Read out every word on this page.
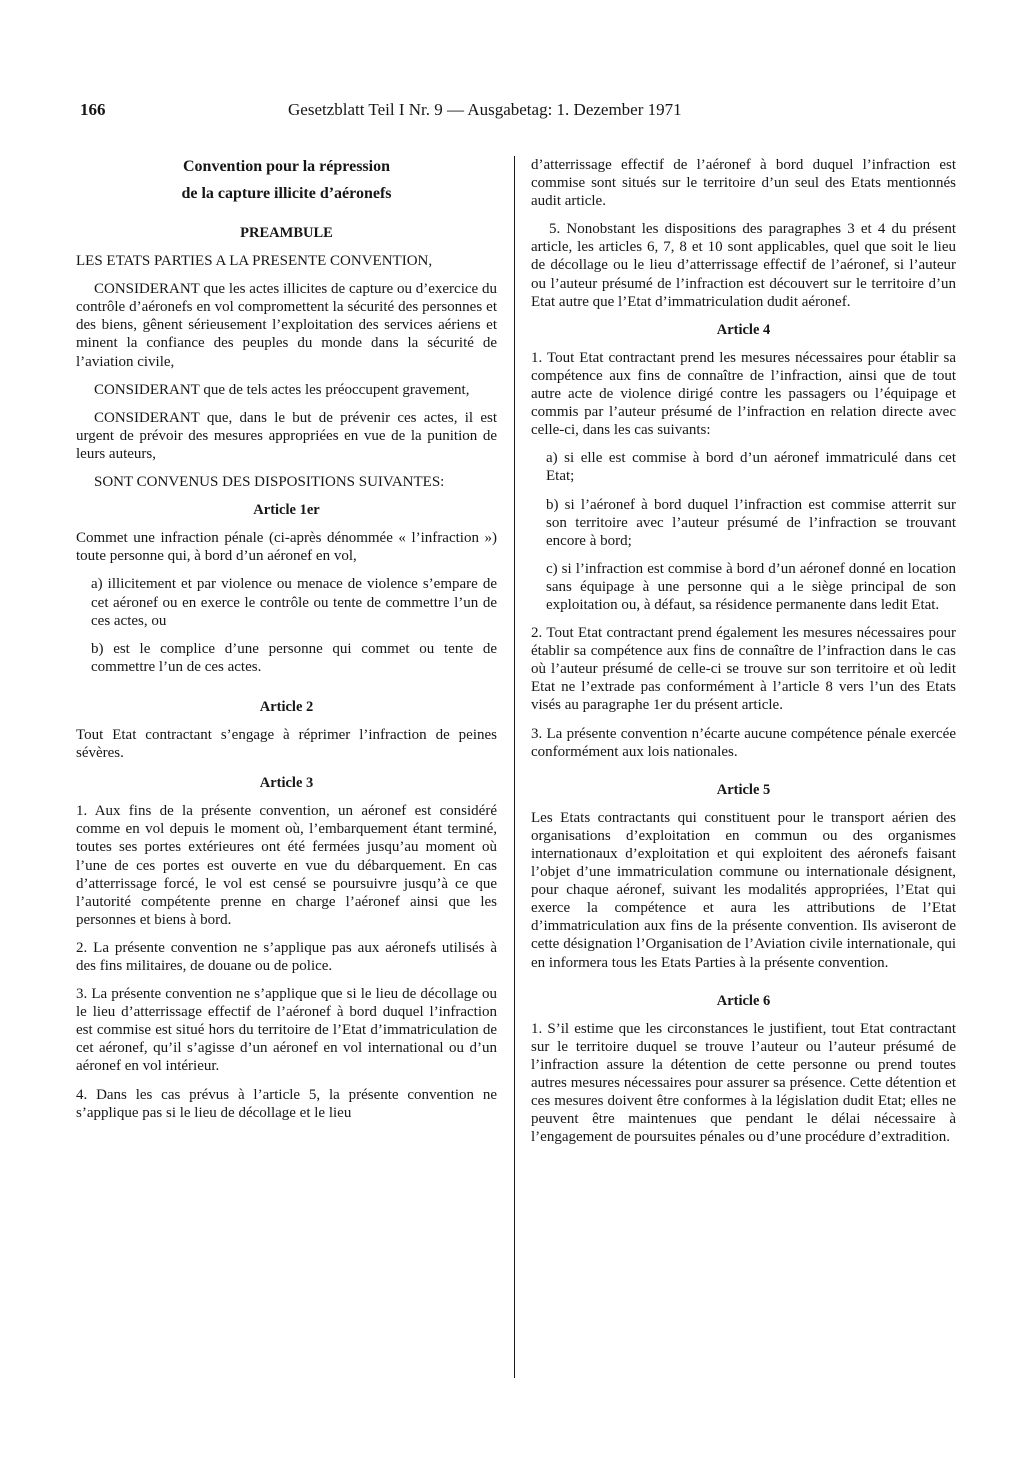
166	Gesetzblatt Teil I Nr. 9 — Ausgabetag: 1. Dezember 1971
Convention pour la répression
de la capture illicite d’aéronefs
PREAMBULE

LES ETATS PARTIES A LA PRESENTE CONVENTION,

CONSIDERANT que les actes illicites de capture ou d’exercice du contrôle d’aéronefs en vol compromettent la sécurité des personnes et des biens, gênent sérieusement l’exploitation des services aériens et minent la confiance des peuples du monde dans la sécurité de l’aviation civile,

CONSIDERANT que de tels actes les préoccupent gravement,

CONSIDERANT que, dans le but de prévenir ces actes, il est urgent de prévoir des mesures appropriées en vue de la punition de leurs auteurs,

SONT CONVENUS DES DISPOSITIONS SUIVANTES:

Article 1er

Commet une infraction pénale (ci-après dénommée « l’infraction ») toute personne qui, à bord d’un aéronef en vol,

a) illicitement et par violence ou menace de violence s’empare de cet aéronef ou en exerce le contrôle ou tente de commettre l’un de ces actes, ou

b) est le complice d’une personne qui commet ou tente de commettre l’un de ces actes.

Article 2

Tout Etat contractant s’engage à réprimer l’infraction de peines sévères.

Article 3

1. Aux fins de la présente convention, un aéronef est considéré comme en vol depuis le moment où, l’embarquement étant terminé, toutes ses portes extérieures ont été fermées jusqu’au moment où l’une de ces portes est ouverte en vue du débarquement. En cas d’atterrissage forcé, le vol est censé se poursuivre jusqu’à ce que l’autorité compétente prenne en charge l’aéronef ainsi que les personnes et biens à bord.

2. La présente convention ne s’applique pas aux aéronefs utilisés à des fins militaires, de douane ou de police.

3. La présente convention ne s’applique que si le lieu de décollage ou le lieu d’atterrissage effectif de l’aéronef à bord duquel l’infraction est commise est situé hors du territoire de l’Etat d’immatriculation de cet aéronef, qu’il s’agisse d’un aéronef en vol international ou d’un aéronef en vol intérieur.

4. Dans les cas prévus à l’article 5, la présente convention ne s’applique pas si le lieu de décollage et le lieu

d’atterrissage effectif de l’aéronef à bord duquel l’infraction est commise sont situés sur le territoire d’un seul des Etats mentionnés audit article.

5. Nonobstant les dispositions des paragraphes 3 et 4 du présent article, les articles 6, 7, 8 et 10 sont applicables, quel que soit le lieu de décollage ou le lieu d’atterrissage effectif de l’aéronef, si l’auteur ou l’auteur présumé de l’infraction est découvert sur le territoire d’un Etat autre que l’Etat d’immatriculation dudit aéronef.

Article 4

1. Tout Etat contractant prend les mesures nécessaires pour établir sa compétence aux fins de connaître de l’infraction, ainsi que de tout autre acte de violence dirigé contre les passagers ou l’équipage et commis par l’auteur présumé de l’infraction en relation directe avec celle-ci, dans les cas suivants:

a) si elle est commise à bord d’un aéronef immatriculé dans cet Etat;

b) si l’aéronef à bord duquel l’infraction est commise atterrit sur son territoire avec l’auteur présumé de l’infraction se trouvant encore à bord;

c) si l’infraction est commise à bord d’un aéronef donné en location sans équipage à une personne qui a le siège principal de son exploitation ou, à défaut, sa résidence permanente dans ledit Etat.

2. Tout Etat contractant prend également les mesures nécessaires pour établir sa compétence aux fins de connaître de l’infraction dans le cas où l’auteur présumé de celle-ci se trouve sur son territoire et où ledit Etat ne l’extrade pas conformément à l’article 8 vers l’un des Etats visés au paragraphe 1er du présent article.

3. La présente convention n’écarte aucune compétence pénale exercée conformément aux lois nationales.

Article 5

Les Etats contractants qui constituent pour le transport aérien des organisations d’exploitation en commun ou des organismes internationaux d’exploitation et qui exploitent des aéronefs faisant l’objet d’une immatriculation commune ou internationale désignent, pour chaque aéronef, suivant les modalités appropriées, l’Etat qui exerce la compétence et aura les attributions de l’Etat d’immatriculation aux fins de la présente convention. Ils aviseront de cette désignation l’Organisation de l’Aviation civile internationale, qui en informera tous les Etats Parties à la présente convention.

Article 6

1. S’il estime que les circonstances le justifient, tout Etat contractant sur le territoire duquel se trouve l’auteur ou l’auteur présumé de l’infraction assure la détention de cette personne ou prend toutes autres mesures nécessaires pour assurer sa présence. Cette détention et ces mesures doivent être conformes à la législation dudit Etat; elles ne peuvent être maintenues que pendant le délai nécessaire à l’engagement de poursuites pénales ou d’une procédure d’extradition.
